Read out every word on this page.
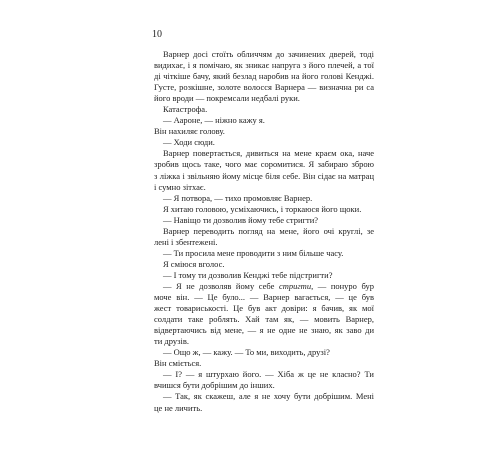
10
Варнер досі стоїть обличчям до зачинених дверей, тоді
видихає, і я помічаю, як зникає напруга з його плечей, а тої
ді чіткіше бачу, який безлад наробив на його голові Кенджі.
Густе, розкішне, золоте волосся Варнера — визначна ри са
його вроди — покремсали недбалі руки.
Катастрофа.
— Аароне, — ніжно кажу я.
Він нахиляє голову.
— Ходи сюди.
Варнер повертається, дивиться на мене краєм ока, наче
зробив щось таке, чого має соромитися. Я забираю зброю
з ліжка і звільняю йому місце біля себе. Він сідає на матрац
і сумно зітхає.
— Я потвора, — тихо промовляє Варнер.
Я хитаю головою, усміхаючись, і торкаюся його щоки.
— Навіщо ти дозволив йому тебе стригти?
Варнер переводить погляд на мене, його очі круглі, зе
лені і збентежені.
— Ти просила мене проводити з ним більше часу.
Я сміюся вголос.
— І тому ти дозволив Кенджі тебе підстригти?
— Я не дозволяв йому себе стригти, — понуро бур
моче він. — Це було... — Варнер вагається, — це був
жест товариськості. Це був акт довіри: я бачив, як мої
солдати таке роблять. Хай там як, — мовить Варнер,
відвертаючись від мене, — я не одне не знаю, як заво ди
ти друзів.
— Ощо ж, — кажу. — То ми, виходить, друзі?
Він сміється.
— І? — я штурхаю його. — Хіба ж це не класно? Ти
вчишся бути добрішим до інших.
— Так, як скажеш, але я не хочу бути добрішим. Мені
це не личить.
